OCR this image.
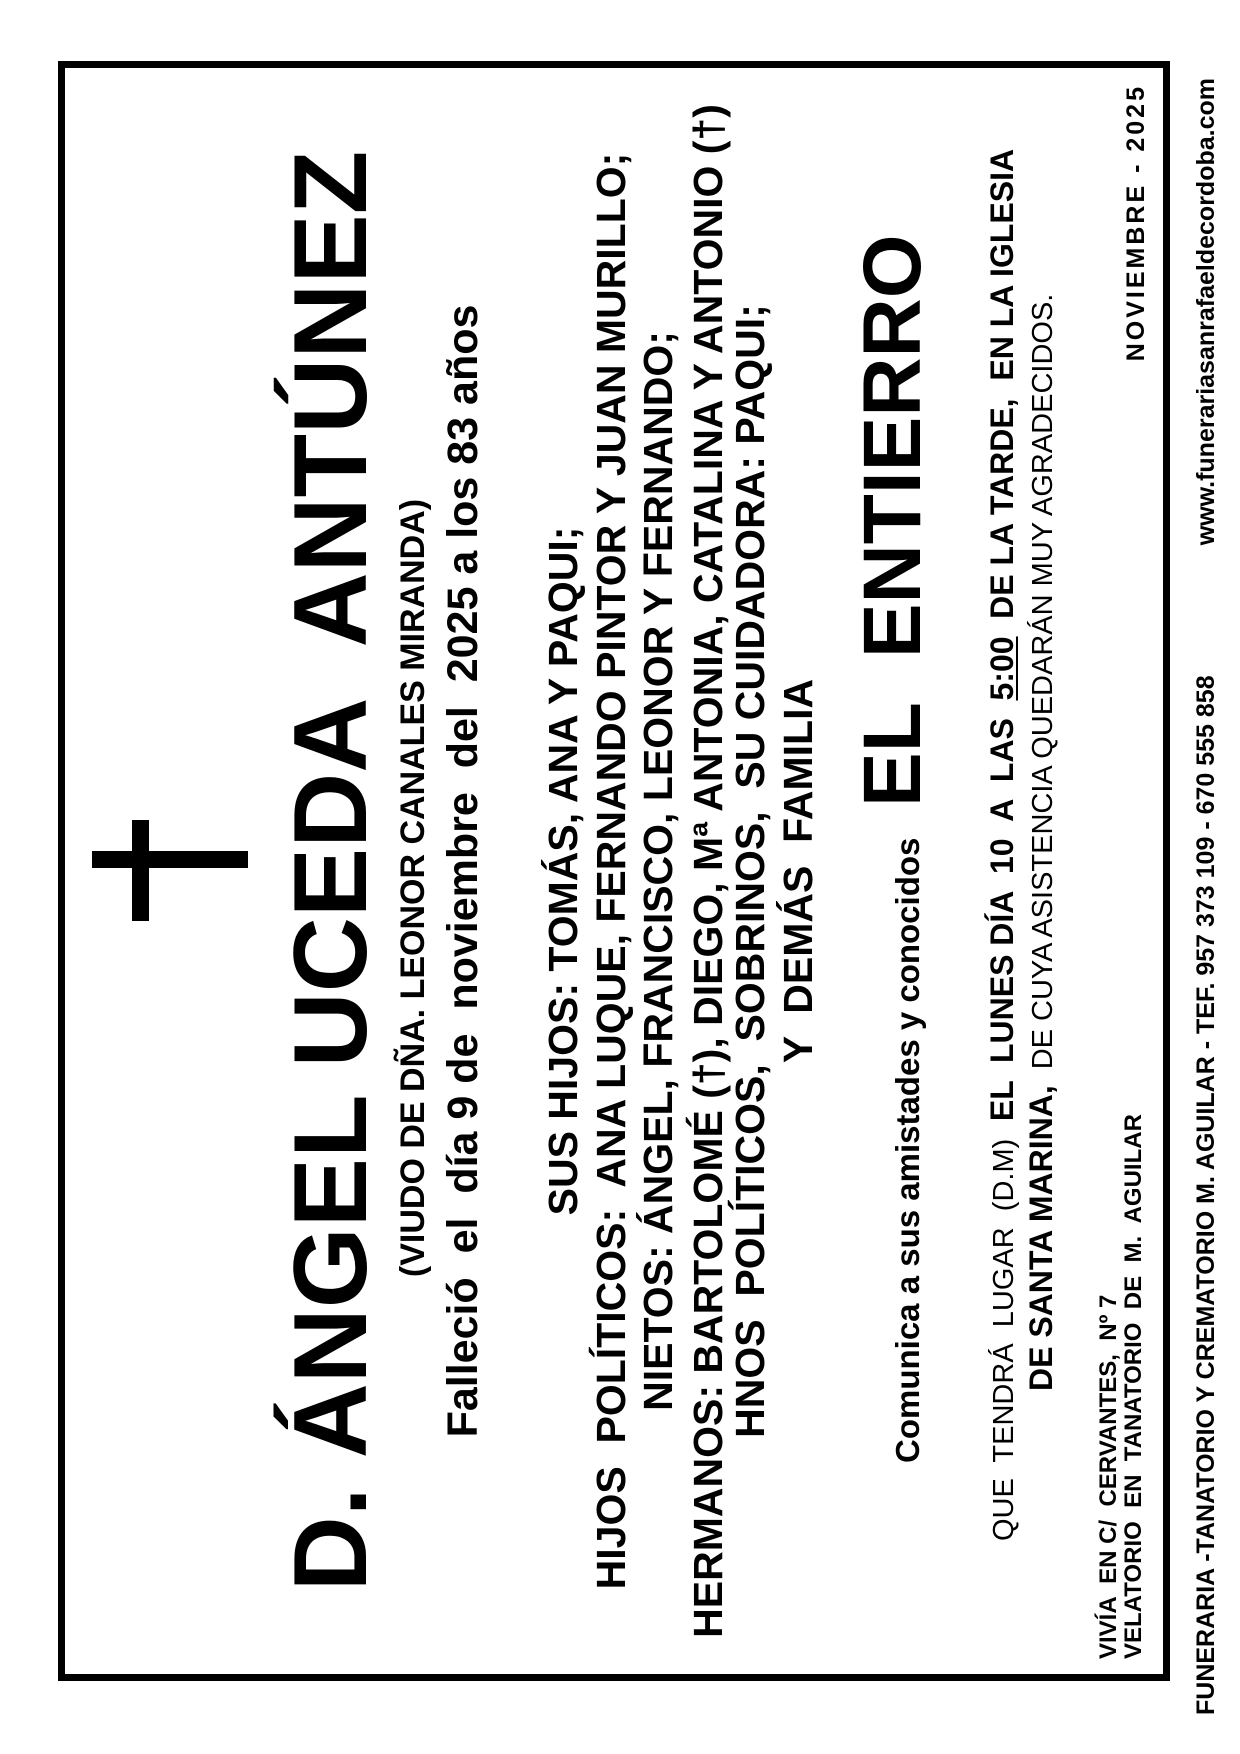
D. ÁNGEL UCEDA  ANTÚNEZ (VIUDO DE DÑA. LEONOR CANALES MIRANDA) Falleció  el  día 9 de  noviembre  del  2025 a los 83 años SUS HIJOS: TOMÁS, ANA Y PAQUI; HIJOS  POLÍTICOS:  ANA LUQUE, FERNANDO PINTOR Y JUAN MURILLO; NIETOS: ÁNGEL, FRANCISCO, LEONOR Y FERNANDO; HERMANOS: BARTOLOMÉ (†), DIEGO, Mª ANTONIA, CATALINA Y ANTONIO (†)
HNOS  POLÍTICOS,  SOBRINOS,  SU CUIDADORA: PAQUI; Y  DEMÁS  FAMILIA Comunica a sus amistades y conocidos
EL  ENTIERRO
QUE  TENDRÁ  LUGAR  (D.M)EL  LUNES DÍA  10  A  LAS5:00DE LA TARDE,  EN LA IGLESIA
DE SANTA MARINA,DE CUYA ASISTENCIA QUEDARÁN MUY AGRADECIDOS.
VIVÍA  EN C/  CERVANTES,  Nº 7
VELATORIO  EN  TANATORIO  DE  M.  AGUILAR
NOVIEMBRE - 2025
FUNERARIA -TANATORIO Y CREMATORIO M. AGUILAR - TEF. 957 373 109 - 670 555 858
www.funerariasanrafaeldecordoba.com
